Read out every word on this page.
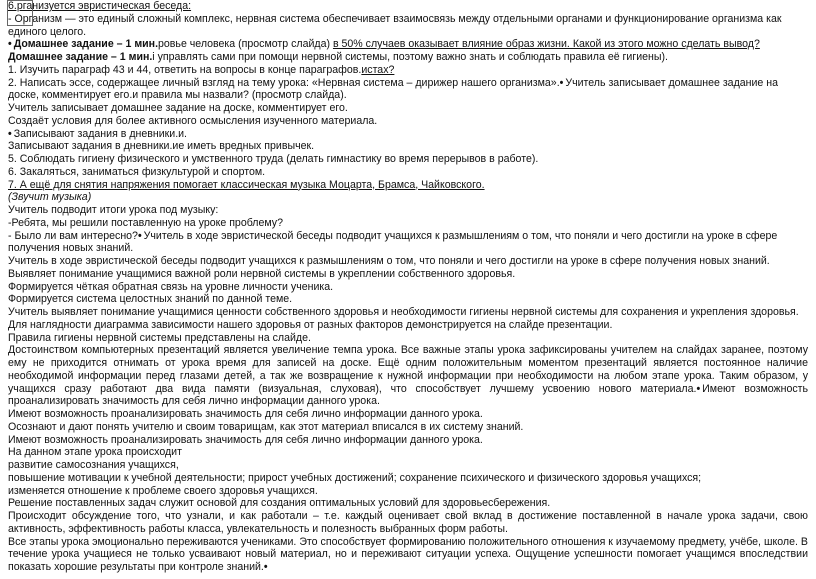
6.рганизуется эвристическая беседа:

- Организм — это единый сложный комплекс, нервная система обеспечивает взаимосвязь между отдельными органами и функционирование организма как единого целого.

• Домашнее задание – 1 мин.ровье человека (просмотр слайда) в 50% случаев оказывает влияние образ жизни. Какой из этого можно сделать вывод?

Домашнее задание – 1 мин.і управлять сами при помощи нервной системы, поэтому важно знать и соблюдать правила её гигиены).

1. Изучить параграф 43 и 44, ответить на вопросы в конце параграфов.истах?

2. Написать эссе, содержащее личный взгляд на тему урока: «Нервная система – дирижер нашего организма». • Учитель записывает домашнее задание на доске, комментирует его.и правила мы назвали? (просмотр слайда).

Учитель записывает домашнее задание на доске, комментирует его.

Создаёт условия для более активного осмысления изученного материала.

• Записывают задания в дневники.и.

Записывают задания в дневники.ие иметь вредных привычек.

5. Соблюдать гигиену физического и умственного труда (делать гимнастику во время перерывов в работе).

6. Закаляться, заниматься физкультурой и спортом.

7. А ещё для снятия напряжения помогает классическая музыка Моцарта, Брамса, Чайковского.

(Звучит музыка)

Учитель подводит итоги урока под музыку:

-Ребята, мы решили поставленную на уроке проблему?

- Было ли вам интересно? • Учитель в ходе эвристической беседы подводит учащихся к размышлениям о том, что поняли и чего достигли на уроке в сфере получения новых знаний.

Учитель в ходе эвристической беседы подводит учащихся к размышлениям о том, что поняли и чего достигли на уроке в сфере получения новых знаний.

Выявляет понимание учащимися важной роли нервной системы в укреплении собственного здоровья.

Формируется чёткая обратная связь на уровне личности ученика.

Формируется система целостных знаний по данной теме.

Учитель выявляет понимание учащимися ценности собственного здоровья и необходимости гигиены нервной системы для сохранения и укрепления здоровья.

Для наглядности диаграмма зависимости нашего здоровья от разных факторов демонстрируется на слайде презентации.

Правила гигиены нервной системы представлены на слайде.

Достоинством компьютерных презентаций является увеличение темпа урока. Все важные этапы урока зафиксированы учителем на слайдах заранее, поэтому ему не приходится отнимать от урока время для записей на доске. Ещё одним положительным моментом презентаций является постоянное наличие необходимой информации перед глазами детей, а так же возвращение к нужной информации при необходимости на любом этапе урока. Таким образом, у учащихся сразу работают два вида памяти (визуальная, слуховая), что способствует лучшему усвоению нового материала. • Имеют возможность проанализировать значимость для себя лично информации данного урока.

Имеют возможность проанализировать значимость для себя лично информации данного урока.

Осознают и дают понять учителю и своим товарищам, как этот материал вписался в их систему знаний.

Имеют возможность проанализировать значимость для себя лично информации данного урока.

На данном этапе урока происходит

развитие самосознания учащихся,

повышение мотивации к учебной деятельности; прирост учебных достижений; сохранение психического и физического здоровья учащихся;

изменяется отношение к проблеме своего здоровья учащихся.

Решение поставленных задач служит основой для создания оптимальных условий для здоровьесбережения.

Происходит обсуждение того, что узнали, и как работали – т.е. каждый оценивает свой вклад в достижение поставленной в начале урока задачи, свою активность, эффективность работы класса, увлекательность и полезность выбранных форм работы.

Все этапы урока эмоционально переживаются учениками. Это способствует формированию положительного отношения к изучаемому предмету, учёбе, школе. В течение урока учащиеся не только усваивают новый материал, но и переживают ситуации успеха. Ощущение успешности помогает учащимся впоследствии показать хорошие результаты при контроле знаний.•
